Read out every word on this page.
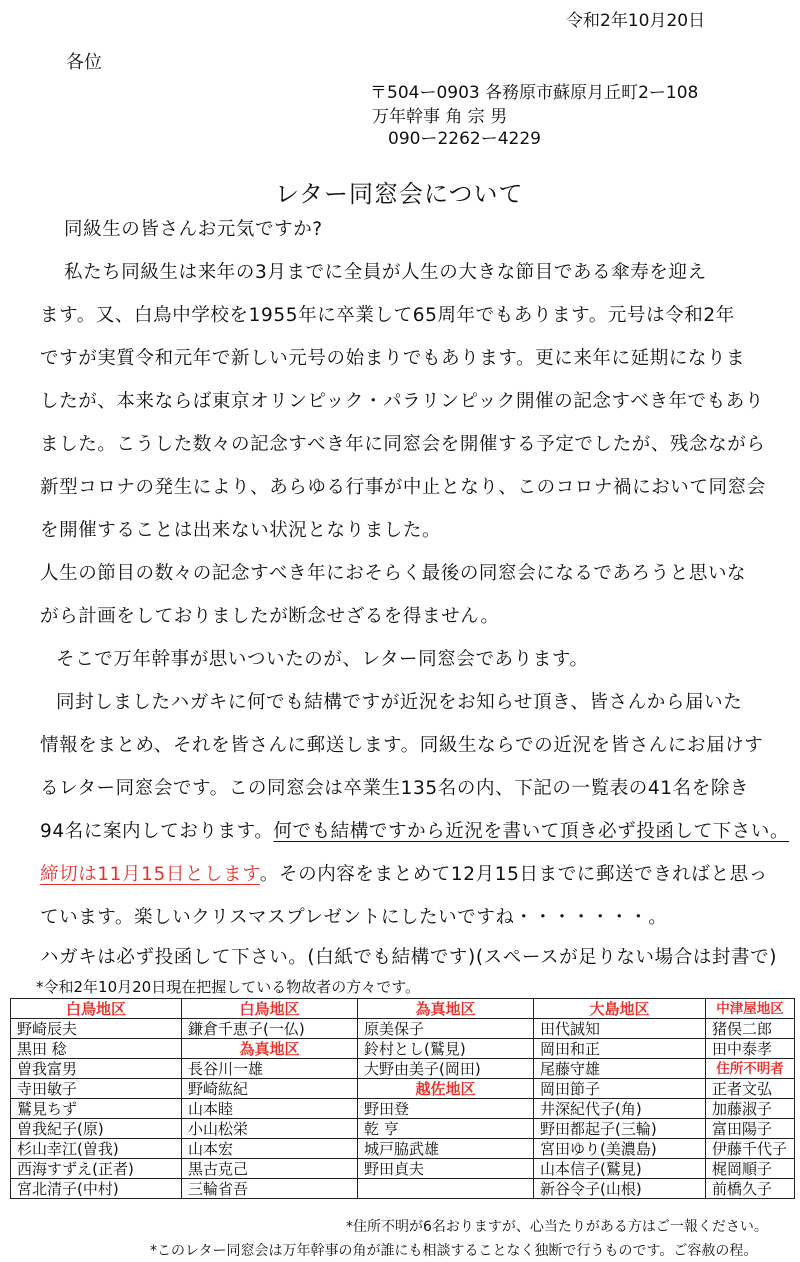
令和2年10月20日
各位
〒504ー0903 各務原市蘇原月丘町2ー108
万年幹事 角 宗 男
090ー2262ー4229
レター同窓会について
同級生の皆さんお元気ですか?
私たち同級生は来年の3月までに全員が人生の大きな節目である傘寿を迎え
ます。又、白鳥中学校を1955年に卒業して65周年でもあります。元号は令和2年
ですが実質令和元年で新しい元号の始まりでもあります。更に来年に延期になりま
したが、本来ならば東京オリンピック・パラリンピック開催の記念すべき年でもあり
ました。こうした数々の記念すべき年に同窓会を開催する予定でしたが、残念ながら
新型コロナの発生により、あらゆる行事が中止となり、このコロナ禍において同窓会
を開催することは出来ない状況となりました。
人生の節目の数々の記念すべき年におそらく最後の同窓会になるであろうと思いな
がら計画をしておりましたが断念せざるを得ません。
そこで万年幹事が思いついたのが、レター同窓会であります。
同封しましたハガキに何でも結構ですが近況をお知らせ頂き、皆さんから届いた
情報をまとめ、それを皆さんに郵送します。同級生ならでの近況を皆さんにお届けす
るレター同窓会です。この同窓会は卒業生135名の内、下記の一覧表の41名を除き
94名に案内しております。何でも結構ですから近況を書いて頂き必ず投函して下さい。
締切は11月15日とします。その内容をまとめて12月15日までに郵送できればと思っ
ています。楽しいクリスマスプレゼントにしたいですね・・・・・・・。
ハガキは必ず投函して下さい。(白紙でも結構です)(スペースが足りない場合は封書で)
*令和2年10月20日現在把握している物故者の方々です。
白鳥地区	白鳥地区	為真地区	大島地区	中津屋地区
野崎辰夫	鎌倉千恵子(一仏)	原美保子	田代誠知	猪俣二郎
黒田 稔	為真地区	鈴村とし(鷲見)	岡田和正	田中泰孝
曽我富男	長谷川一雄	大野由美子(岡田)	尾藤守雄	住所不明者
寺田敏子	野崎紘紀	越佐地区	岡田節子	正者文弘
鷲見ちず	山本睦	野田登	井深紀代子(角)	加藤淑子
曽我紀子(原)	小山松栄	乾 亨	野田都起子(三輪)	富田陽子
杉山幸江(曽我)	山本宏	城戸脇武雄	宮田ゆり(美濃島)	伊藤千代子
西海すずえ(正者)	黒古克己	野田貞夫	山本信子(鷲見)	梶岡順子
宮北清子(中村)	三輪省吾		新谷令子(山根)	前橋久子
*住所不明が6名おりますが、心当たりがある方はご一報ください。
*このレター同窓会は万年幹事の角が誰にも相談することなく独断で行うものです。ご容赦の程。
